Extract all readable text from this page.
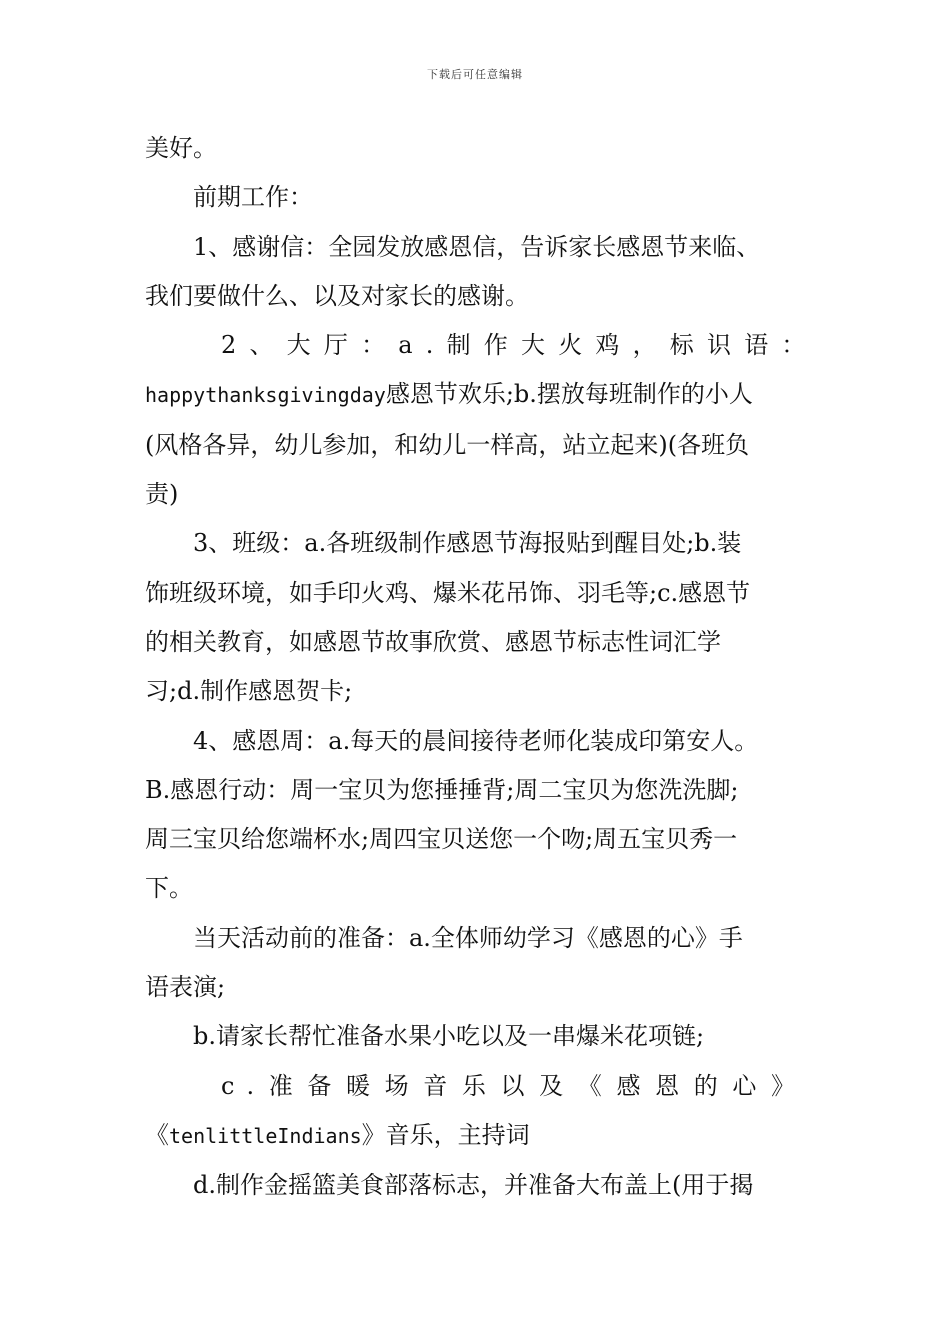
下载后可任意编辑
美好。
前期工作：
1、感谢信：全园发放感恩信，告诉家长感恩节来临、
我们要做什么、以及对家长的感谢。
2、大厅：a.制作大火鸡，标识语：
happythanksgivingday感恩节欢乐;b.摆放每班制作的小人
(风格各异，幼儿参加，和幼儿一样高，站立起来)(各班负
责)
3、班级：a.各班级制作感恩节海报贴到醒目处;b.装
饰班级环境，如手印火鸡、爆米花吊饰、羽毛等;c.感恩节
的相关教育，如感恩节故事欣赏、感恩节标志性词汇学
习;d.制作感恩贺卡;
4、感恩周：a.每天的晨间接待老师化装成印第安人。
B.感恩行动：周一宝贝为您捶捶背;周二宝贝为您洗洗脚;
周三宝贝给您端杯水;周四宝贝送您一个吻;周五宝贝秀一
下。
当天活动前的准备：a.全体师幼学习《感恩的心》手
语表演;
b.请家长帮忙准备水果小吃以及一串爆米花项链;
c.准备暖场音乐以及《感恩的心》
《tenlittleIndians》音乐，主持词
d.制作金摇篮美食部落标志，并准备大布盖上(用于揭
